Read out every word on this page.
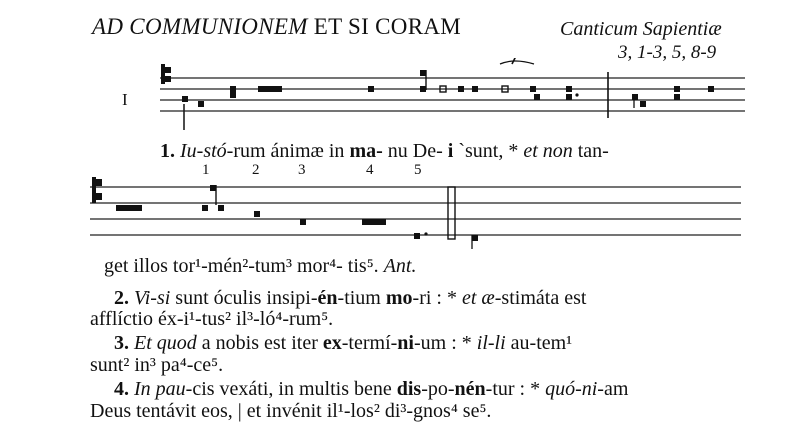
AD COMMUNIONEM ET SI CORAM	Canticum Sapientiæ
3, 1-3, 5, 8-9
I
1. Iu-stó-rum ánimæ in ma- nu De- i `sunt, * et non tan-
1	2	3	4	5
get illos tor¹-mén²-tum³ mor⁴- tis⁵. Ant.
2. Vi-si sunt óculis insipi-én-tium mo-ri : * et æ-stimáta est
afflíctio éx-i¹-tus² il³-ló⁴-rum⁵.
3. Et quod a nobis est iter ex-termí-ni-um : * il-li au-tem¹
sunt² in³ pa⁴-ce⁵.
4. In pau-cis vexáti, in multis bene dis-po-nén-tur : * quó-ni-am
Deus tentávit eos, | et invénit il¹-los² di³-gnos⁴ se⁵.
